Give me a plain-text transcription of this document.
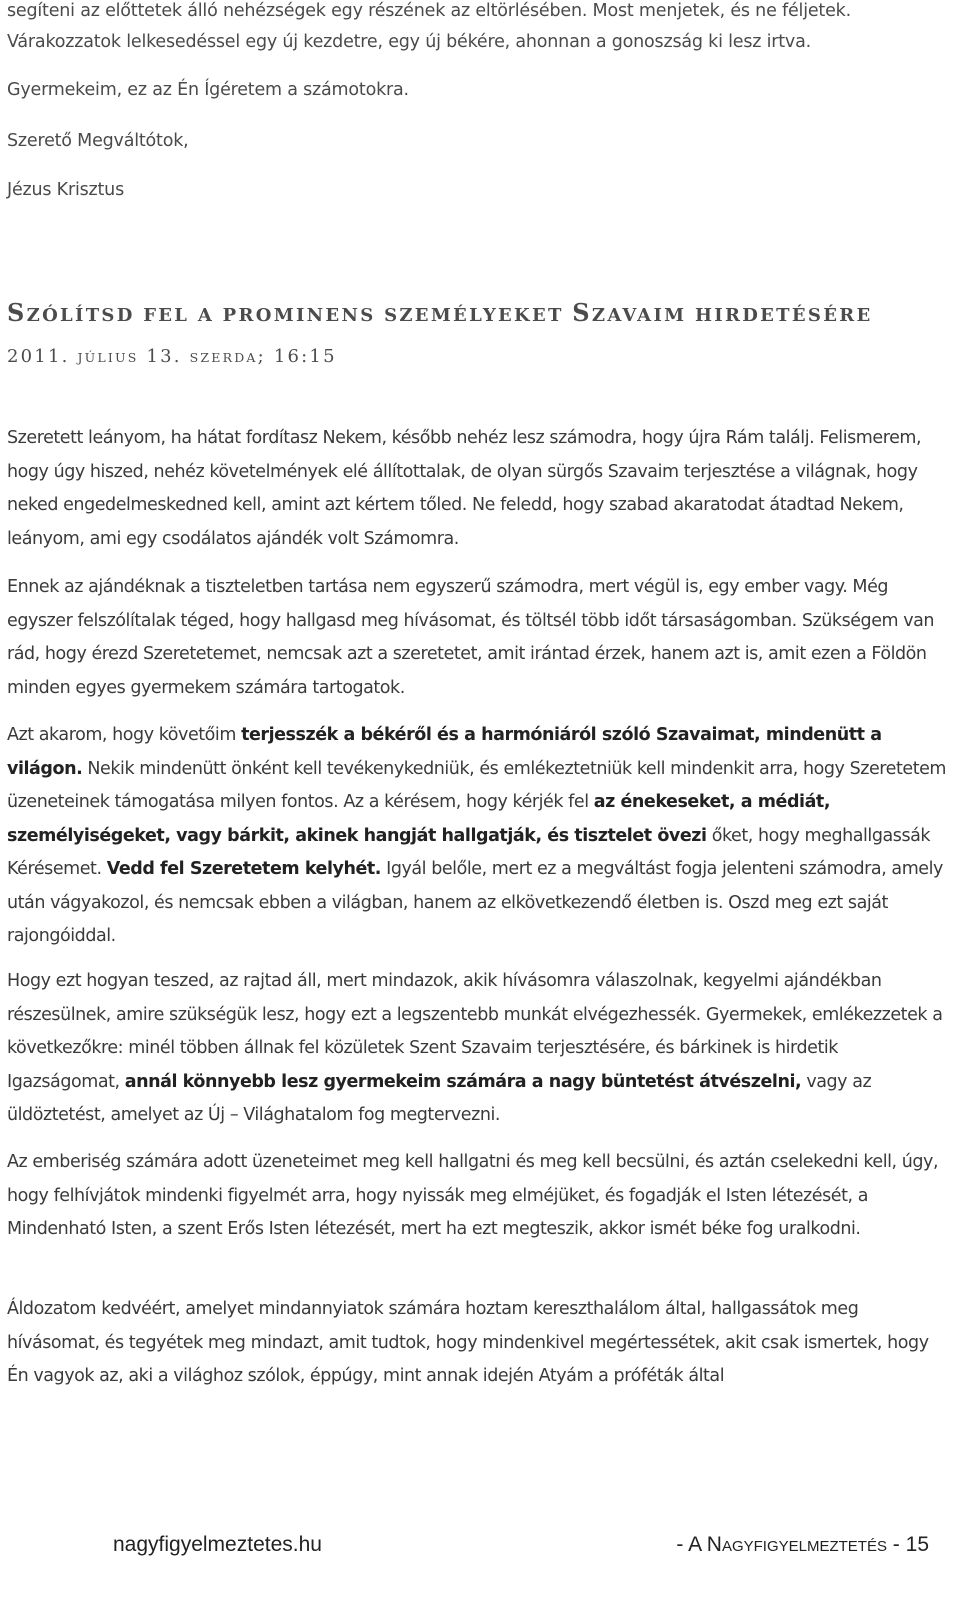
segíteni az előttetek álló nehézségek egy részének az eltörlésében. Most menjetek, és ne féljetek.

Várakozzatok lelkesedéssel egy új kezdetre, egy új békére, ahonnan a gonoszság ki lesz irtva.

Gyermekeim, ez az Én Ígéretem a számotokra.

Szerető Megváltótok,

Jézus Krisztus

SZÓLÍTSD FEL A PROMINENS SZEMÉLYEKET SZAVAIM HIRDETÉSÉRE
2011. JÚLIUS 13. SZERDA; 16:15

Szeretett leányom, ha hátat fordítasz Nekem, később nehéz lesz számodra, hogy újra Rám találj. Felismerem, hogy úgy hiszed, nehéz követelmények elé állítottalak, de olyan sürgős Szavaim terjesztése a világnak, hogy neked engedelmeskedned kell, amint azt kértem tőled. Ne feledd, hogy szabad akaratodat átadtad Nekem, leányom, ami egy csodálatos ajándék volt Számomra.

Ennek az ajándéknak a tiszteletben tartása nem egyszerű számodra, mert végül is, egy ember vagy. Még egyszer felszólítalak téged, hogy hallgasd meg hívásomat, és töltsél több időt társaságomban. Szükségem van rád, hogy érezd Szeretetemet, nemcsak azt a szeretetet, amit irántad érzek, hanem azt is, amit ezen a Földön minden egyes gyermekem számára tartogatok.

Azt akarom, hogy követőim terjesszék a békéről és a harmóniáról szóló Szavaimat, mindenütt a világon. Nekik mindenütt önként kell tevékenykedniük, és emlékeztetniük kell mindenkit arra, hogy Szeretetem üzeneteinek támogatása milyen fontos. Az a kérésem, hogy kérjék fel az énekeseket, a médiát, személyiségeket, vagy bárkit, akinek hangját hallgatják, és tisztelet övezi őket, hogy meghallgassák Kérésemet. Vedd fel Szeretetem kelyhét. Igyál belőle, mert ez a megváltást fogja jelenteni számodra, amely után vágyakozol, és nemcsak ebben a világban, hanem az elkövetkezendő életben is. Oszd meg ezt saját rajongóiddal.

Hogy ezt hogyan teszed, az rajtad áll, mert mindazok, akik hívásomra válaszolnak, kegyelmi ajándékban részesülnek, amire szükségük lesz, hogy ezt a legszentebb munkát elvégezhessék. Gyermekek, emlékezzetek a következőkre: minél többen állnak fel közületek Szent Szavaim terjesztésére, és bárkinek is hirdetik Igazságomat, annál könnyebb lesz gyermekeim számára a nagy büntetést átvészelni, vagy az üldöztetést, amelyet az Új – Világhatalom fog megtervezni.

Az emberiség számára adott üzeneteimet meg kell hallgatni és meg kell becsülni, és aztán cselekedni kell, úgy, hogy felhívjátok mindenki figyelmét arra, hogy nyissák meg elméjüket, és fogadják el Isten létezését, a Mindenható Isten, a szent Erős Isten létezését, mert ha ezt megteszik, akkor ismét béke fog uralkodni.

Áldozatom kedvéért, amelyet mindannyiatok számára hoztam kereszthalálom által, hallgassátok meg hívásomat, és tegyétek meg mindazt, amit tudtok, hogy mindenkivel megértessétek, akit csak ismertek, hogy Én vagyok az, aki a világhoz szólok, éppúgy, mint annak idején Atyám a próféták által

nagyfigyelmeztetes.hu	- A NAGYFIGYELMEZTETÉS - 15
